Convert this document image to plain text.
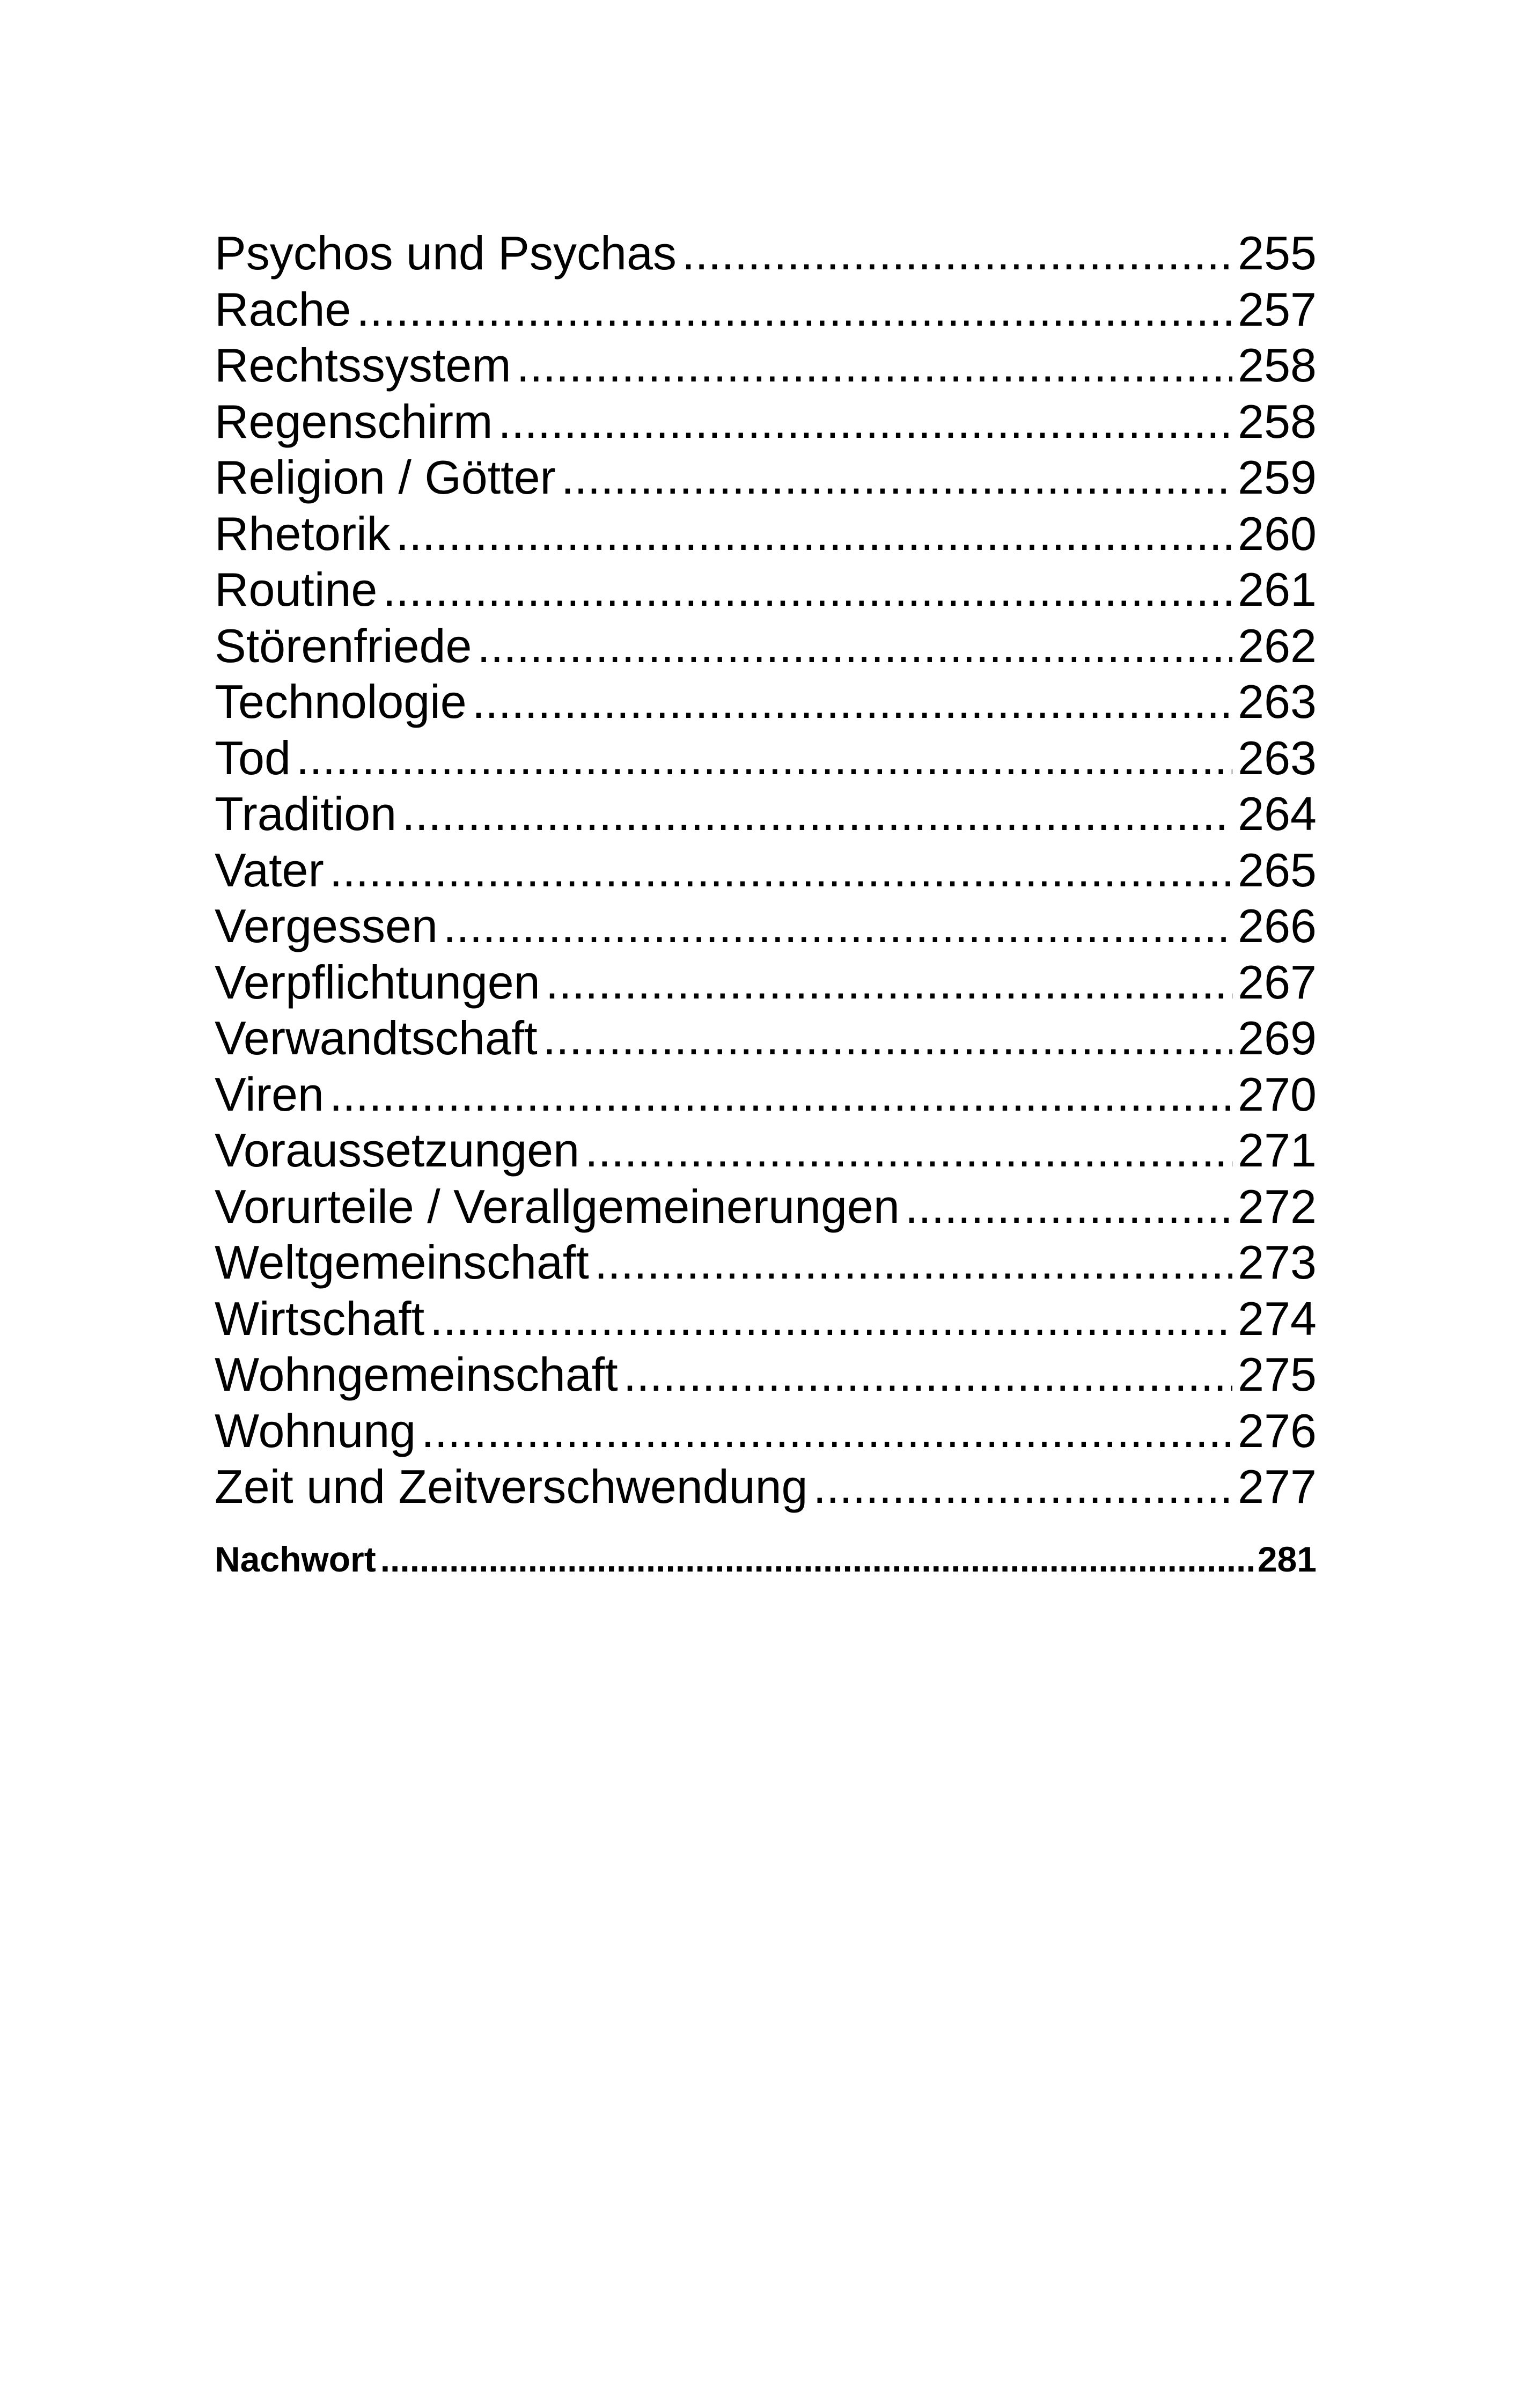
Psychos und Psychas .....	255
Rache .....	257
Rechtssystem .....	258
Regenschirm .....	258
Religion / Götter .....	259
Rhetorik .....	260
Routine .....	261
Störenfriede .....	262
Technologie .....	263
Tod .....	263
Tradition .....	264
Vater .....	265
Vergessen .....	266
Verpflichtungen .....	267
Verwandtschaft .....	269
Viren .....	270
Voraussetzungen .....	271
Vorurteile / Verallgemeinerungen .....	272
Weltgemeinschaft .....	273
Wirtschaft .....	274
Wohngemeinschaft .....	275
Wohnung .....	276
Zeit und Zeitverschwendung .....	277
Nachwort .....	281
